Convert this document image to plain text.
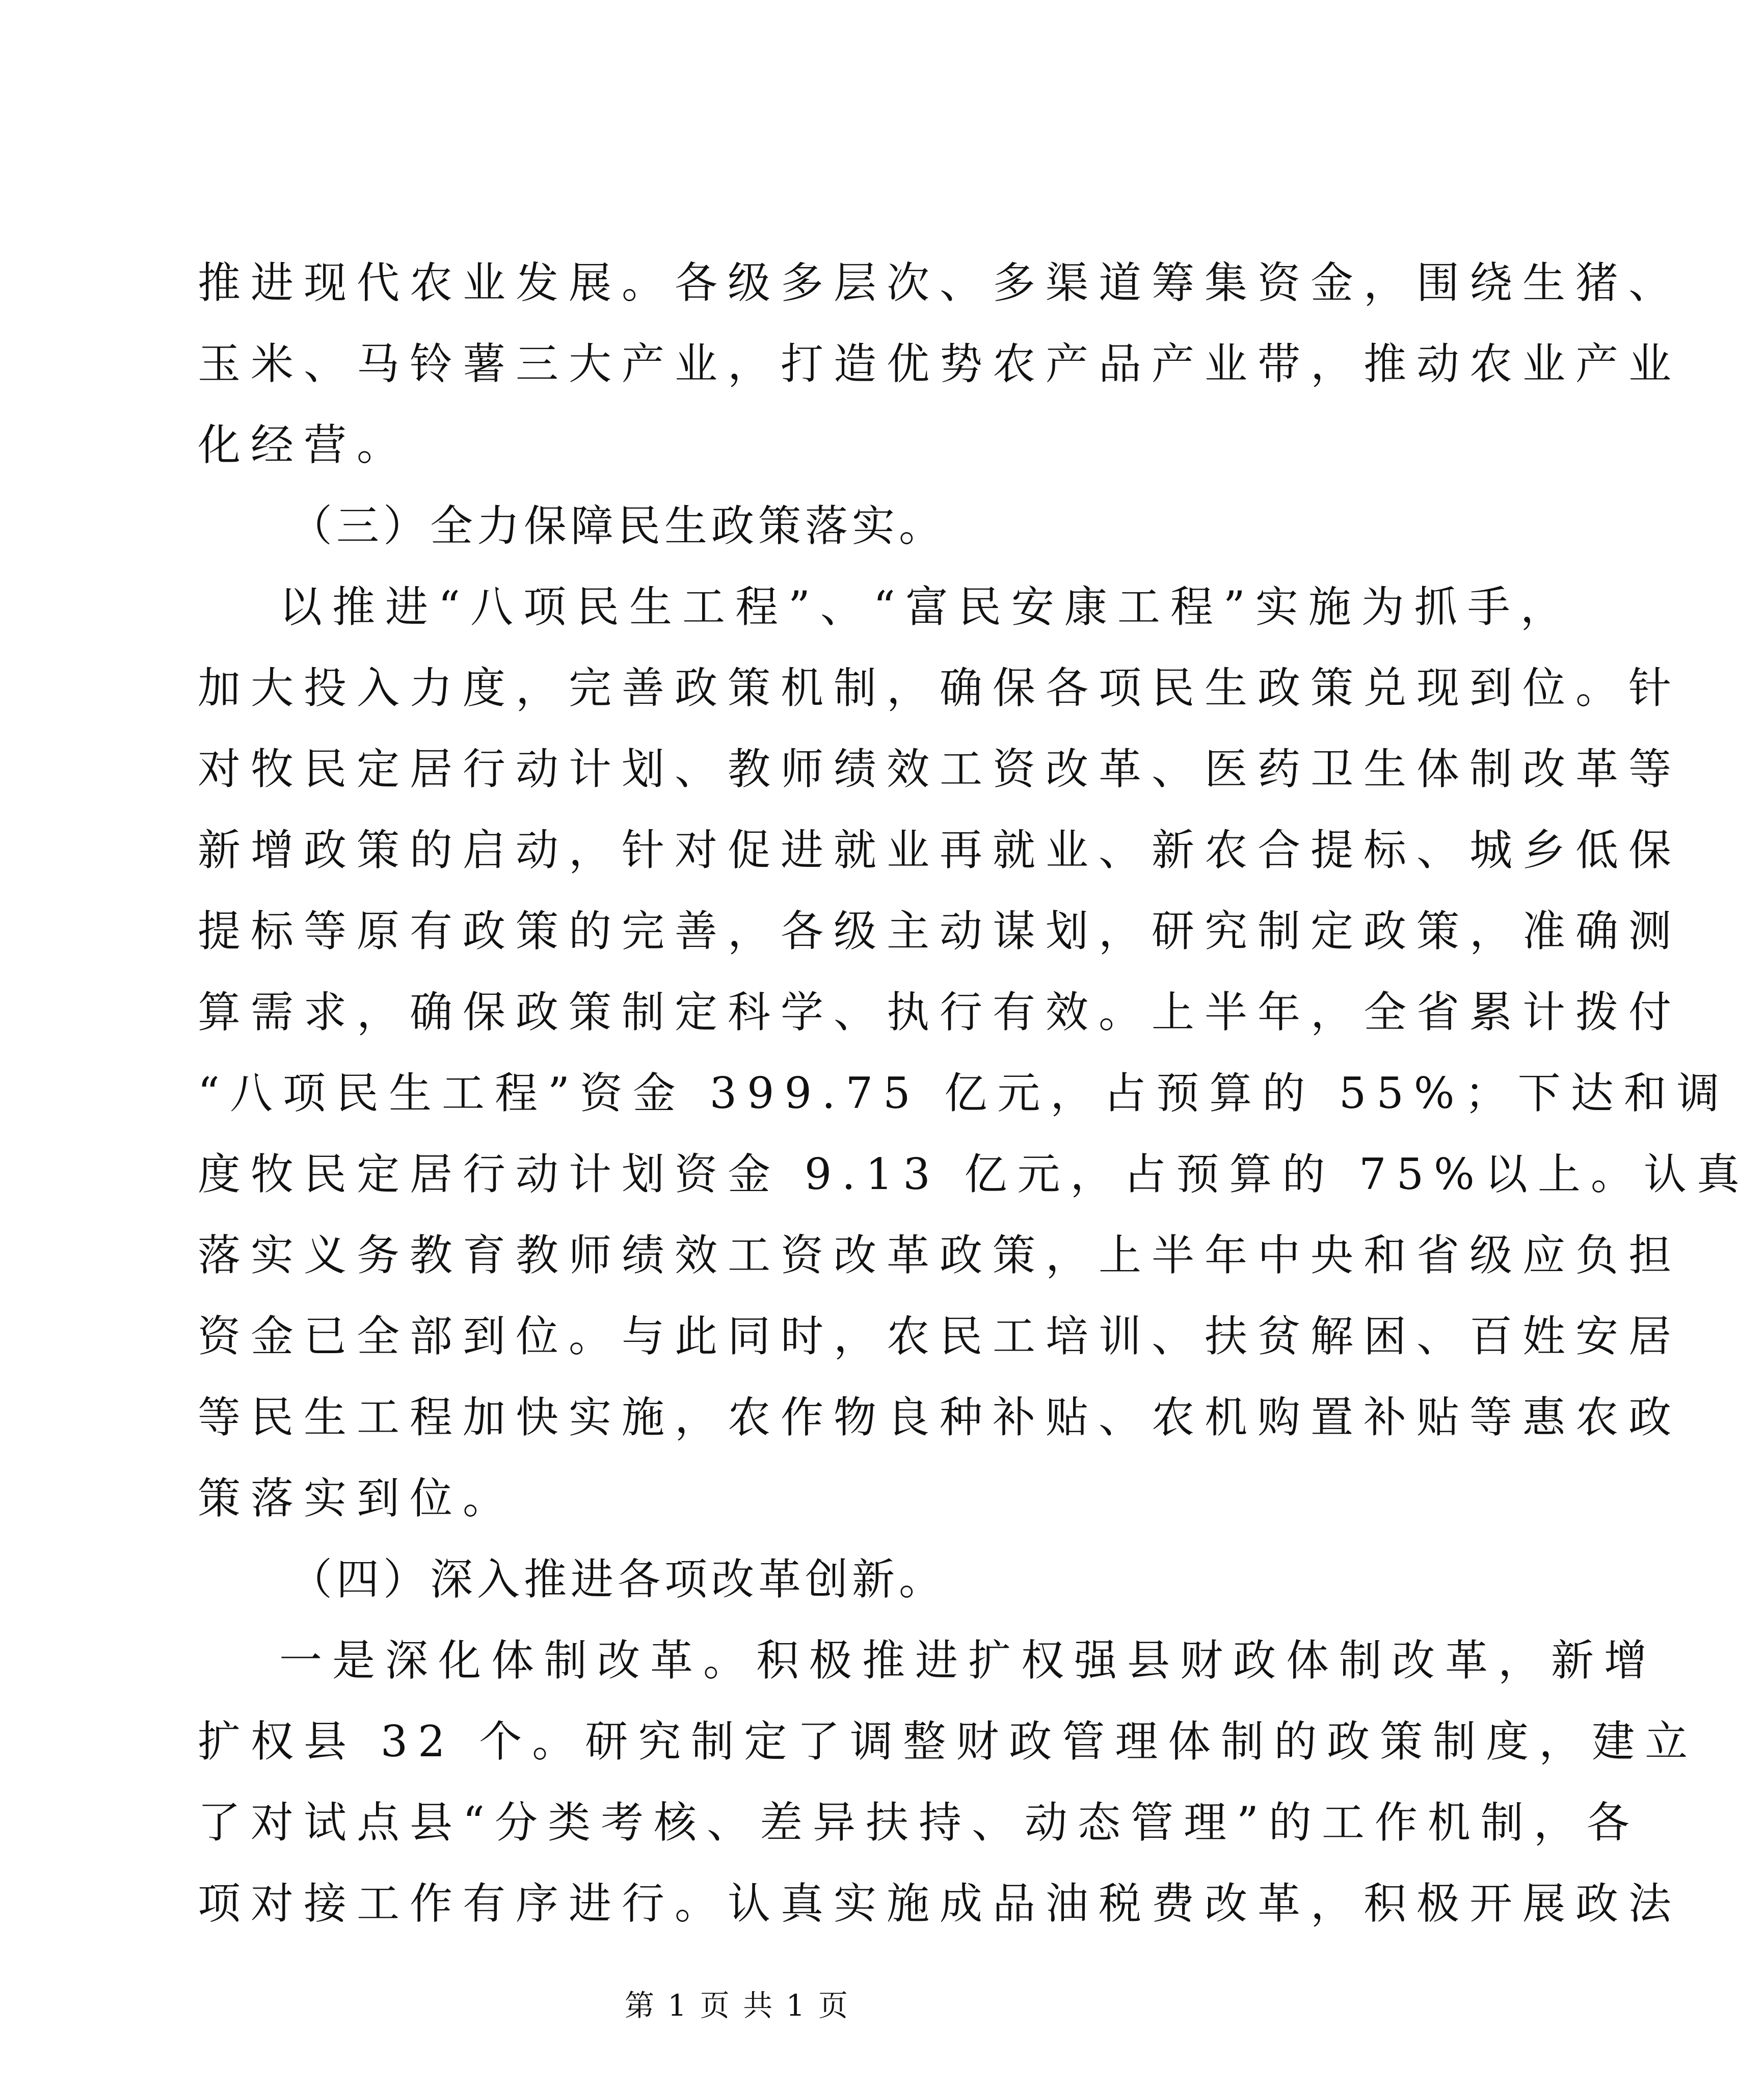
推进现代农业发展。各级多层次、多渠道筹集资金，围绕生猪、
玉米、马铃薯三大产业，打造优势农产品产业带，推动农业产业
化经营。
（三）全力保障民生政策落实。
以推进“八项民生工程”、“富民安康工程”实施为抓手，
加大投入力度，完善政策机制，确保各项民生政策兑现到位。针
对牧民定居行动计划、教师绩效工资改革、医药卫生体制改革等
新增政策的启动，针对促进就业再就业、新农合提标、城乡低保
提标等原有政策的完善，各级主动谋划，研究制定政策，准确测
算需求，确保政策制定科学、执行有效。上半年，全省累计拨付
“八项民生工程”资金 399.75 亿元，占预算的 55%；下达和调
度牧民定居行动计划资金 9.13 亿元，占预算的 75%以上。认真
落实义务教育教师绩效工资改革政策，上半年中央和省级应负担
资金已全部到位。与此同时，农民工培训、扶贫解困、百姓安居
等民生工程加快实施，农作物良种补贴、农机购置补贴等惠农政
策落实到位。
（四）深入推进各项改革创新。
一是深化体制改革。积极推进扩权强县财政体制改革，新增
扩权县 32 个。研究制定了调整财政管理体制的政策制度，建立
了对试点县“分类考核、差异扶持、动态管理”的工作机制，各
项对接工作有序进行。认真实施成品油税费改革，积极开展政法
第 1 页 共 1 页
